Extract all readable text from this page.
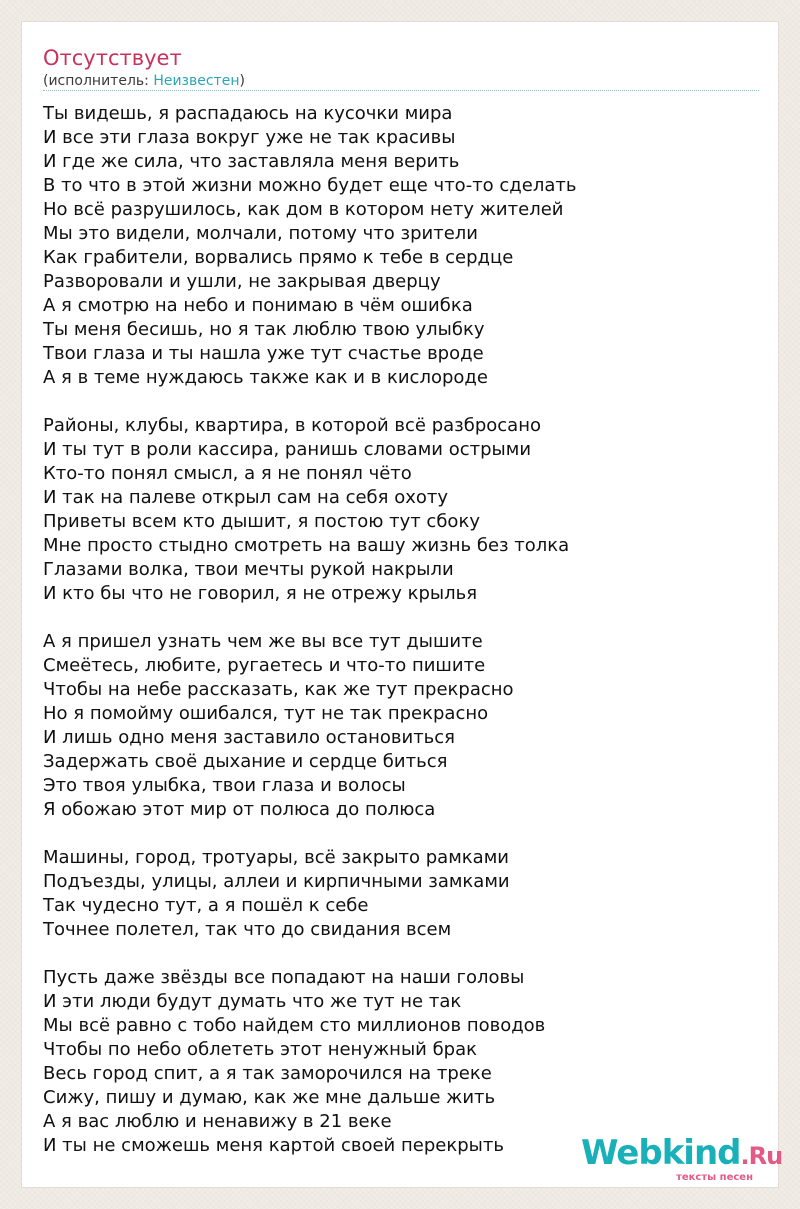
Отсутствует
(исполнитель: Неизвестен)
Ты видешь, я распадаюсь на кусочки мира
И все эти глаза вокруг уже не так красивы
И где же сила, что заставляла меня верить
В то что в этой жизни можно будет еще что-то сделать
Но всё разрушилось, как дом в котором нету жителей
Мы это видели, молчали, потому что зрители
Как грабители, ворвались прямо к тебе в сердце
Разворовали и ушли, не закрывая дверцу
А я смотрю на небо и понимаю в чём ошибка
Ты меня бесишь, но я так люблю твою улыбку
Твои глаза и ты нашла уже тут счастье вроде
А я в теме нуждаюсь также как и в кислороде
Районы, клубы, квартира, в которой всё разбросано
И ты тут в роли кассира, ранишь словами острыми
Кто-то понял смысл, а я не понял чёто
И так на палеве открыл сам на себя охоту
Приветы всем кто дышит, я постою тут сбоку
Мне просто стыдно смотреть на вашу жизнь без толка
Глазами волка, твои мечты рукой накрыли
И кто бы что не говорил, я не отрежу крылья
А я пришел узнать чем же вы все тут дышите
Смеётесь, любите, ругаетесь и что-то пишите
Чтобы на небе рассказать, как же тут прекрасно
Но я помойму ошибался, тут не так прекрасно
И лишь одно меня заставило остановиться
Задержать своё дыхание и сердце биться
Это твоя улыбка, твои глаза и волосы
Я обожаю этот мир от полюса до полюса
Машины, город, тротуары, всё закрыто рамками
Подъезды, улицы, аллеи и кирпичными замками
Так чудесно тут, а я пошёл к себе
Точнее полетел, так что до свидания всем
Пусть даже звёзды все попадают на наши головы
И эти люди будут думать что же тут не так
Мы всё равно с тобо найдем сто миллионов поводов
Чтобы по небо облететь этот ненужный брак
Весь город спит, а я так заморочился на треке
Сижу, пишу и думаю, как же мне дальше жить
А я вас люблю и ненавижу в 21 веке
И ты не сможешь меня картой своей перекрыть	Webkind.Ru
тексты песен
